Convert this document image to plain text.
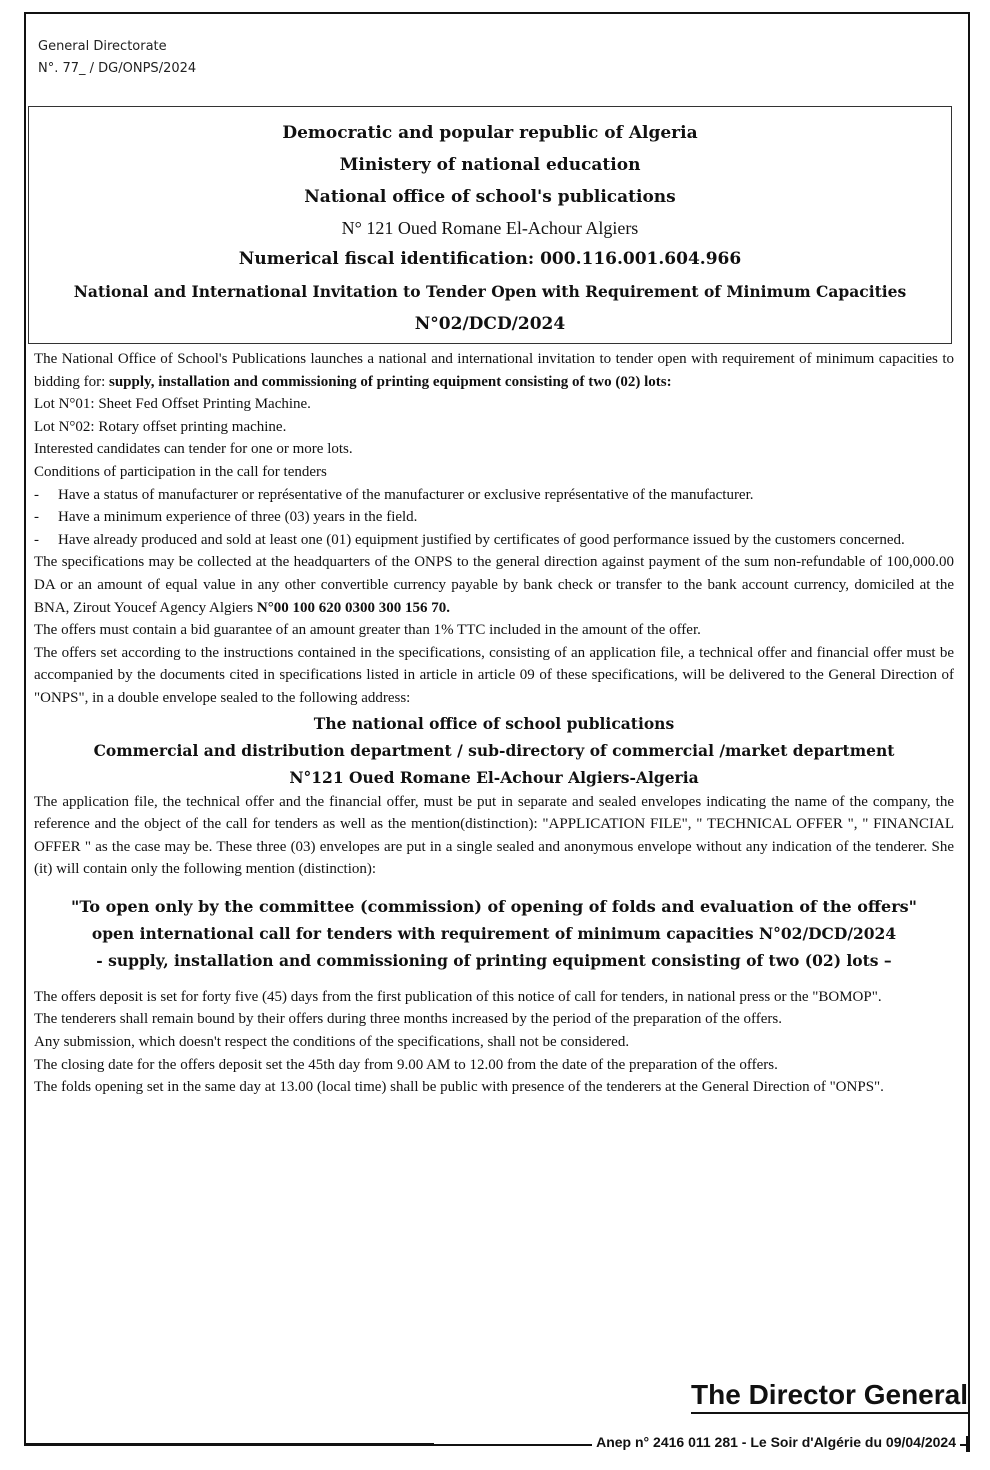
General Directorate
N°. 77_ / DG/ONPS/2024
Democratic and popular republic of Algeria
Ministery of national education
National office of school's publications
N° 121 Oued Romane El-Achour Algiers
Numerical fiscal identification: 000.116.001.604.966
National and International Invitation to Tender Open with Requirement of Minimum Capacities
N°02/DCD/2024

The National Office of School's Publications launches a national and international invitation to tender open with requirement of minimum capacities to bidding for: supply, installation and commissioning of printing equipment consisting of two (02) lots:

Lot N°01: Sheet Fed Offset Printing Machine.

Lot N°02: Rotary offset printing machine.

Interested candidates can tender for one or more lots.

Conditions of participation in the call for tenders

-	Have a status of manufacturer or représentative of the manufacturer or exclusive représentative of the manufacturer.

-	Have a minimum experience of three (03) years in the field.

- Have already produced and sold at least one (01) equipment justified by certificates of good performance issued by the customers concerned.

The specifications may be collected at the headquarters of the ONPS to the general direction against payment of the sum non-refundable of 100,000.00 DA or an amount of equal value in any other convertible currency payable by bank check or transfer to the bank account currency, domiciled at the BNA, Zirout Youcef Agency Algiers N°00 100 620 0300 300 156 70.

The offers must contain a bid guarantee of an amount greater than 1% TTC included in the amount of the offer.

The offers set according to the instructions contained in the specifications, consisting of an application file, a technical offer and financial offer must be accompanied by the documents cited in specifications listed in article in article 09 of these specifications, will be delivered to the General Direction of "ONPS", in a double envelope sealed to the following address:

The national office of school publications

Commercial and distribution department / sub-directory of commercial /market department

N°121 Oued Romane El-Achour Algiers-Algeria

The application file, the technical offer and the financial offer, must be put in separate and sealed envelopes indicating the name of the company, the reference and the object of the call for tenders as well as the mention(distinction): "APPLICATION FILE", " TECHNICAL OFFER ", " FINANCIAL OFFER " as the case may be. These three (03) envelopes are put in a single sealed and anonymous envelope without any indication of the tenderer. She (it) will contain only the following mention (distinction):

"To open only by the committee (commission) of opening of folds and evaluation of the offers"

open international call for tenders with requirement of minimum capacities N°02/DCD/2024

- supply, installation and commissioning of printing equipment consisting of two (02) lots –

The offers deposit is set for forty five (45) days from the first publication of this notice of call for tenders, in national press or the "BOMOP".

The tenderers shall remain bound by their offers during three months increased by the period of the preparation of the offers.

Any submission, which doesn't respect the conditions of the specifications, shall not be considered.

The closing date for the offers deposit set the 45th day from 9.00 AM to 12.00 from the date of the preparation of the offers.

The folds opening set in the same day at 13.00 (local time) shall be public with presence of the tenderers at the General Direction of "ONPS".

The Director General
Anep n° 2416 011 281 - Le Soir d'Algérie du 09/04/2024
